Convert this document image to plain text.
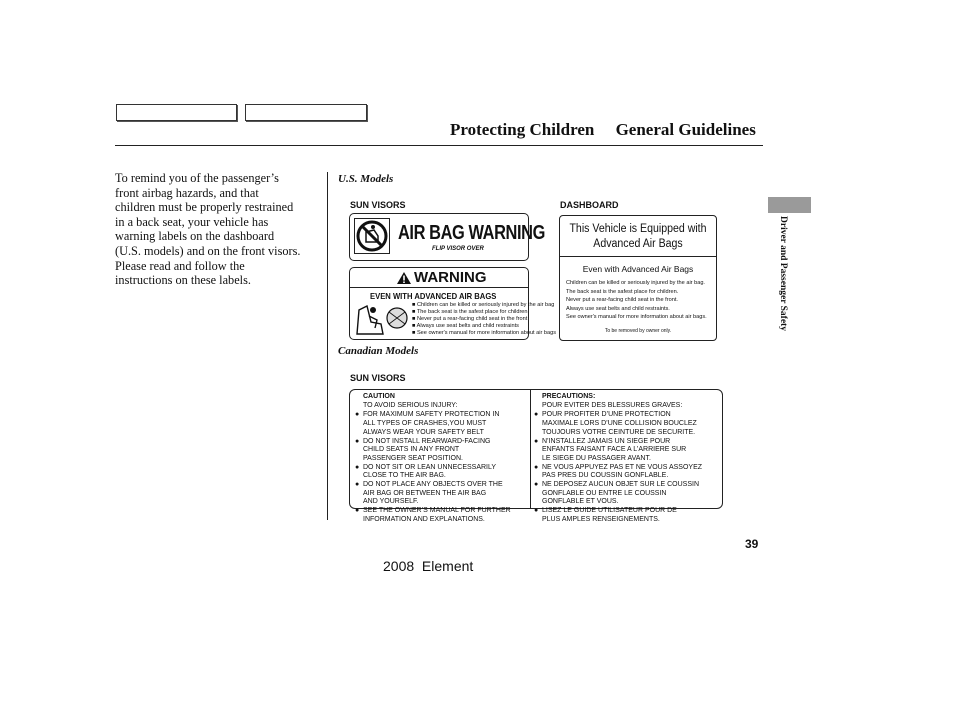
Protecting Children     General Guidelines
To remind you of the passenger’s
front airbag hazards, and that
children must be properly restrained
in a back seat, your vehicle has
warning labels on the dashboard
(U.S. models) and on the front visors.
Please read and follow the
instructions on these labels.
U.S. Models
SUN VISORS	DASHBOARD
AIR BAG WARNING
FLIP VISOR OVER
WARNING
EVEN WITH ADVANCED AIR BAGS
■ Children can be killed or seriously injured by the air bag
■ The back seat is the safest place for children
■ Never put a rear-facing child seat in the front
■ Always use seat belts and child restraints
■ See owner's manual for more information about air bags
This Vehicle is Equipped with
Advanced Air Bags
Even with Advanced Air Bags
Children can be killed or seriously injured by the air bag.
The back seat is the safest place for children.
Never put a rear-facing child seat in the front.
Always use seat belts and child restraints.
See owner's manual for more information about air bags.
To be removed by owner only.
Canadian Models
SUN VISORS
CAUTION
TO AVOID SERIOUS INJURY:
● FOR MAXIMUM SAFETY PROTECTION IN
ALL TYPES OF CRASHES,YOU MUST
ALWAYS WEAR YOUR SAFETY BELT
● DO NOT INSTALL REARWARD-FACING
CHILD SEATS IN ANY FRONT
PASSENGER SEAT POSITION.
● DO NOT SIT OR LEAN UNNECESSARILY
CLOSE TO THE AIR BAG.
● DO NOT PLACE ANY OBJECTS OVER THE
AIR BAG OR BETWEEN THE AIR BAG
AND YOURSELF.
● SEE THE OWNER’S MANUAL FOR FURTHER
INFORMATION AND EXPLANATIONS.
PRECAUTIONS:
POUR EVITER DES BLESSURES GRAVES:
● POUR PROFITER D’UNE PROTECTION
MAXIMALE LORS D’UNE COLLISION BOUCLEZ
TOUJOURS VOTRE CEINTURE DE SECURITE.
● N’INSTALLEZ JAMAIS UN SIEGE POUR
ENFANTS FAISANT FACE A L’ARRIERE SUR
LE SIEGE DU PASSAGER AVANT.
● NE VOUS APPUYEZ PAS ET NE VOUS ASSOYEZ
PAS PRES DU COUSSIN GONFLABLE.
● NE DEPOSEZ AUCUN OBJET SUR LE COUSSIN
GONFLABLE OU ENTRE LE COUSSIN
GONFLABLE ET VOUS.
● LISEZ LE GUIDE UTILISATEUR POUR DE
PLUS AMPLES RENSEIGNEMENTS.
Driver and Passenger Safety
39
2008  Element
